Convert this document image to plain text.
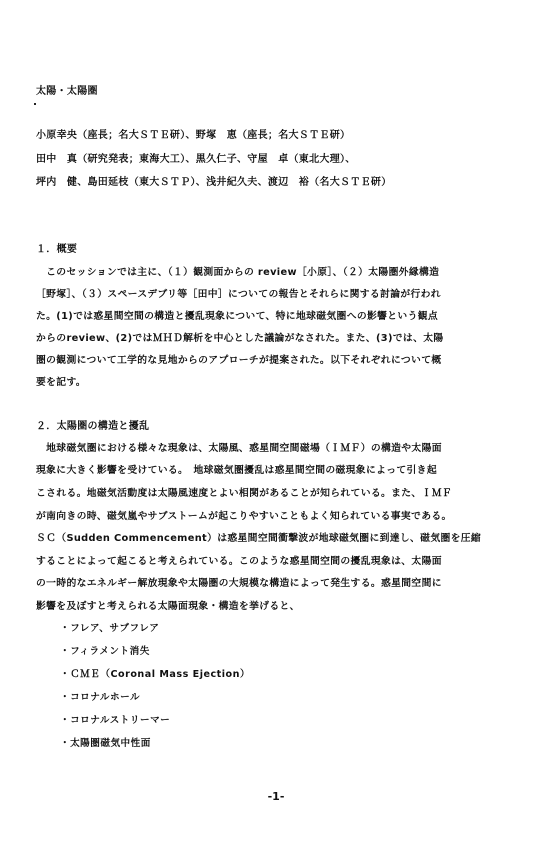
太陽・太陽圏
小原幸央（座長；名大ＳＴＥ研）、野塚　恵（座長；名大ＳＴＥ研）
田中　真（研究発表；東海大工）、黒久仁子、守屋　卓（東北大理）、
坪内　健、島田延枝（東大ＳＴＰ）、浅井紀久夫、渡辺　裕（名大ＳＴＥ研）
１．概要
　このセッションでは主に、（１）観測面からの review［小原］、（２）太陽圏外縁構造
［野塚］、（３）スペースデブリ等［田中］についての報告とそれらに関する討論が行われ
た。(1)では惑星間空間の構造と擾乱現象について、特に地球磁気圏への影響という観点
からのreview、(2)ではＭＨＤ解析を中心とした議論がなされた。また、(3)では、太陽
圏の観測について工学的な見地からのアプローチが提案された。以下それぞれについて概
要を記す。
２．太陽圏の構造と擾乱
　地球磁気圏における様々な現象は、太陽風、惑星間空間磁場（ＩＭＦ）の構造や太陽面
現象に大きく影響を受けている。　地球磁気圏擾乱は惑星間空間の磁現象によって引き起
こされる。地磁気活動度は太陽風速度とよい相関があることが知られている。また、ＩＭＦ
が南向きの時、磁気嵐やサブストームが起こりやすいこともよく知られている事実である。
ＳＣ（Sudden Commencement）は惑星間空間衝撃波が地球磁気圏に到達し、磁気圏を圧縮
することによって起こると考えられている。このような惑星間空間の擾乱現象は、太陽面
の一時的なエネルギー解放現象や太陽圏の大規模な構造によって発生する。惑星間空間に
影響を及ぼすと考えられる太陽面現象・構造を挙げると、
・フレア、サブフレア
・フィラメント消失
・ＣＭＥ（Coronal Mass Ejection）
・コロナルホール
・コロナルストリーマー
・太陽圏磁気中性面
-1-
